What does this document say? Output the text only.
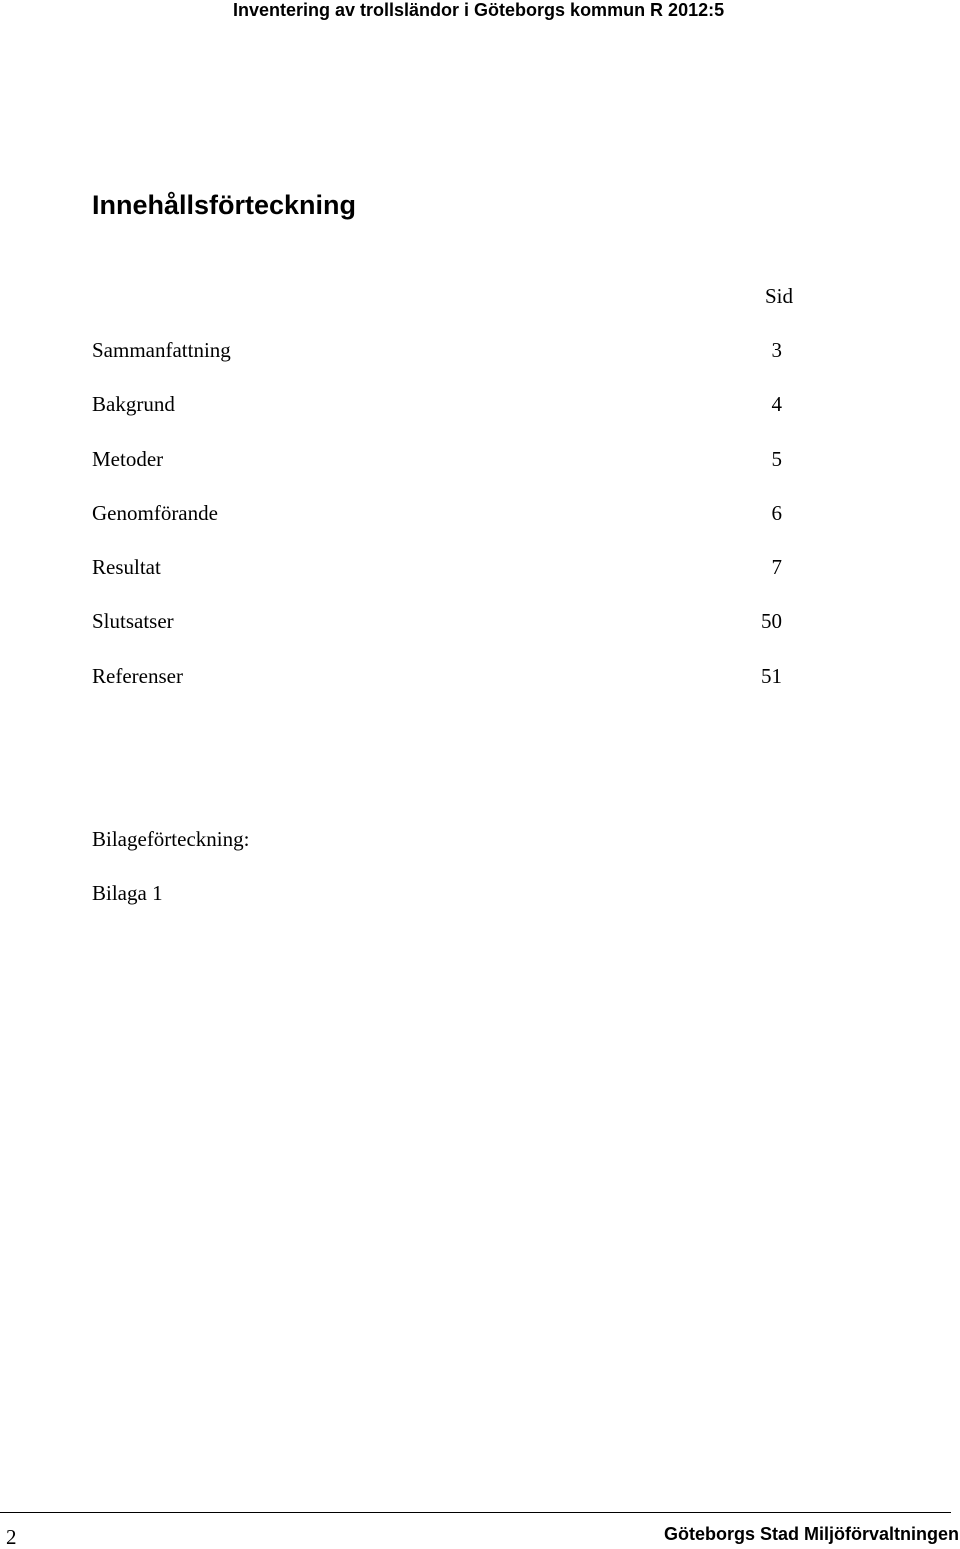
Inventering av trollsländor i Göteborgs kommun R 2012:5
Innehållsförteckning
Sid
Sammanfattning	3
Bakgrund	4
Metoder	5
Genomförande	6
Resultat	7
Slutsatser	50
Referenser	51
Bilageförteckning:
Bilaga 1
2	Göteborgs Stad Miljöförvaltningen
